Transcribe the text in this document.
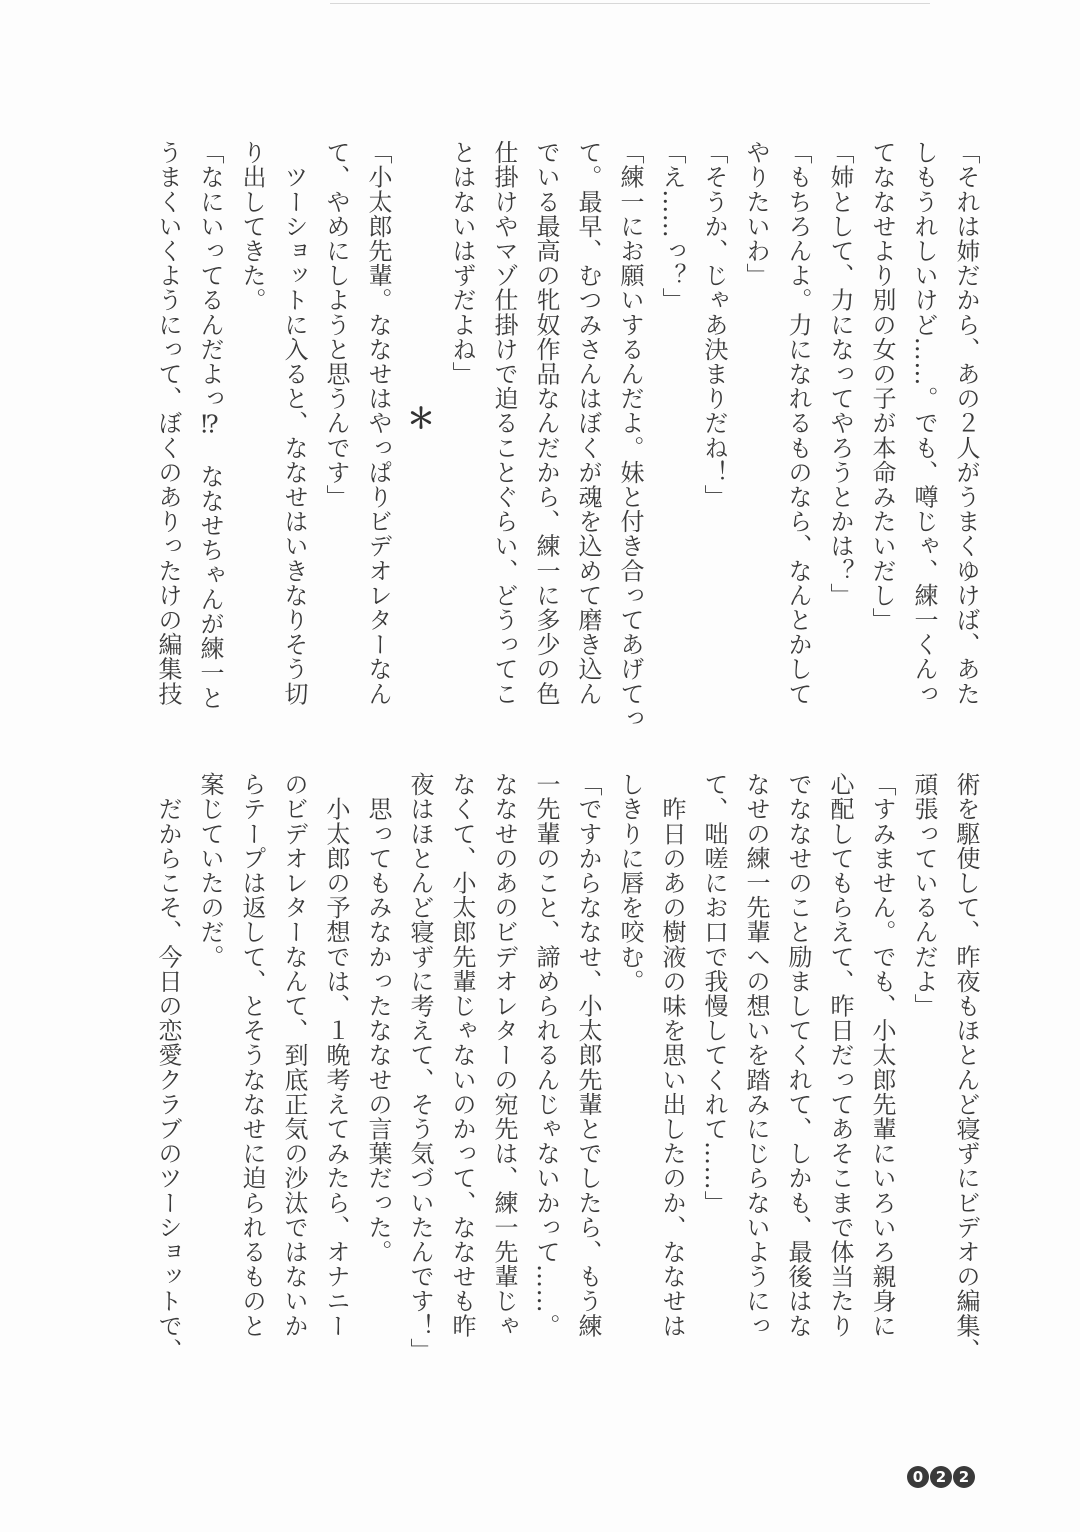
「それは姉だから、あの２人がうまくゆけば、あた
しもうれしいけど……。でも、噂じゃ、練一くんっ
てななせより別の女の子が本命みたいだし」
「姉として、力になってやろうとかは？」
「もちろんよ。力になれるものなら、なんとかして
やりたいわ」
「そうか、じゃあ決まりだね！」
「え……っ？」
「練一にお願いするんだよ。妹と付き合ってあげてっ
て。最早、むつみさんはぼくが魂を込めて磨き込ん
でいる最高の牝奴作品なんだから、練一に多少の色
仕掛けやマゾ仕掛けで迫ることぐらい、どうってこ
とはないはずだよね」
＊
「小太郎先輩。ななせはやっぱりビデオレターなん
て、やめにしようと思うんです」
　ツーショットに入ると、ななせはいきなりそう切
り出してきた。
「なにいってるんだよっ⁉　ななせちゃんが練一と
うまくいくようにって、ぼくのありったけの編集技
術を駆使して、昨夜もほとんど寝ずにビデオの編集、
頑張っているんだよ」
「すみません。でも、小太郎先輩にいろいろ親身に
心配してもらえて、昨日だってあそこまで体当たり
でななせのこと励ましてくれて、しかも、最後はな
なせの練一先輩への想いを踏みにじらないようにっ
て、咄嗟にお口で我慢してくれて……」
　昨日のあの樹液の味を思い出したのか、ななせは
しきりに唇を咬む。
「ですからななせ、小太郎先輩とでしたら、もう練
一先輩のこと、諦められるんじゃないかって……。
ななせのあのビデオレターの宛先は、練一先輩じゃ
なくて、小太郎先輩じゃないのかって、ななせも昨
夜はほとんど寝ずに考えて、そう気づいたんです！」
　思ってもみなかったななせの言葉だった。
　小太郎の予想では、１晩考えてみたら、オナニー
のビデオレターなんて、到底正気の沙汰ではないか
らテープは返して、とそうななせに迫られるものと
案じていたのだ。
　だからこそ、今日の恋愛クラブのツーショットで、
0 2 2
